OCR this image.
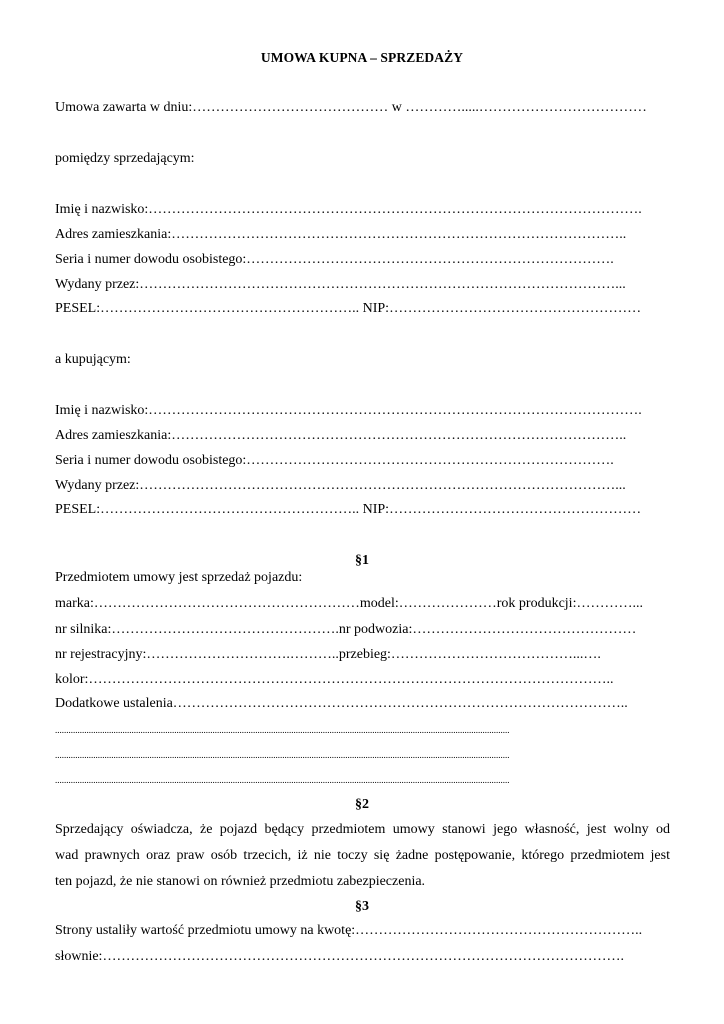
UMOWA KUPNA – SPRZEDAŻY
Umowa zawarta w dniu:…………………………………… w ………….....………………………………
pomiędzy sprzedającym:
Imię i nazwisko:…………………………………………………………………………………………….
Adres zamieszkania:……………………………………………………………………………………..
Seria i numer dowodu osobistego:…………………………………………………………………….
Wydany przez:…………………………………………………………………………………………...
PESEL:……………………………………………….. NIP:………………………………………………
a kupującym:
Imię i nazwisko:…………………………………………………………………………………………….
Adres zamieszkania:……………………………………………………………………………………..
Seria i numer dowodu osobistego:…………………………………………………………………….
Wydany przez:…………………………………………………………………………………………...
PESEL:……………………………………………….. NIP:………………………………………………
§1
Przedmiotem umowy jest sprzedaż pojazdu:
marka:…………………………………………………model:…………………rok produkcji:…………...
nr silnika:………………………………………….nr podwozia:…………………………………………
nr rejestracyjny:………………………….………..przebieg:…………………………………...….
kolor:…………………………………………………………………………………………………..
Dodatkowe ustalenia……………………………………………………………………………………..
..........................................................................................................................................................................................................
..........................................................................................................................................................................................................
..........................................................................................................................................................................................................
§2
Sprzedający oświadcza, że pojazd będący przedmiotem umowy stanowi jego własność, jest wolny od
wad prawnych oraz praw osób trzecich, iż nie toczy się żadne postępowanie, którego przedmiotem jest
ten pojazd, że nie stanowi on również przedmiotu zabezpieczenia.
§3
Strony ustaliły wartość przedmiotu umowy na kwotę:……………………………………………………..
słownie:………………………………………………………………………………………………….
